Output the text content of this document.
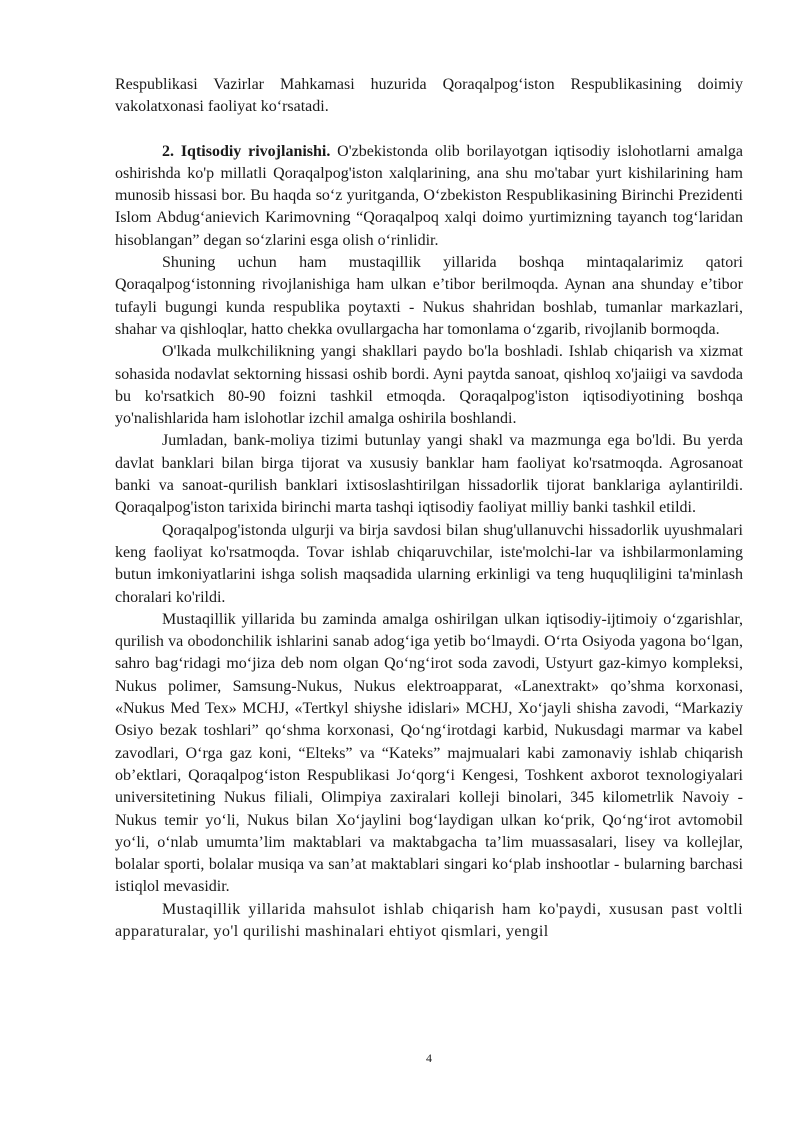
Respublikasi Vazirlar Mahkamasi huzurida Qoraqalpog‘iston Respublikasining doimiy vakolatxonasi faoliyat ko‘rsatadi.

2. Iqtisodiy rivojlanishi. O'zbekistonda olib borilayotgan iqtisodiy islohotlarni amalga oshirishda ko'p millatli Qoraqalpog'iston xalqlarining, ana shu mo'tabar yurt kishilarining ham munosib hissasi bor. Bu haqda so‘z yuritganda, O‘zbekiston Respublikasining Birinchi Prezidenti Islom Abdug‘anievich Karimovning “Qoraqalpoq xalqi doimo yurtimizning tayanch tog‘laridan hisoblangan” degan so‘zlarini esga olish o‘rinlidir.

Shuning uchun ham mustaqillik yillarida boshqa mintaqalarimiz qatori Qoraqalpog‘istonning rivojlanishiga ham ulkan e’tibor berilmoqda. Aynan ana shunday e’tibor tufayli bugungi kunda respublika poytaxti - Nukus shahridan boshlab, tumanlar markazlari, shahar va qishloqlar, hatto chekka ovullargacha har tomonlama o‘zgarib, rivojlanib bormoqda.

O'lkada mulkchilikning yangi shakllari paydo bo'la boshladi. Ishlab chiqarish va xizmat sohasida nodavlat sektorning hissasi oshib bordi. Ayni paytda sanoat, qishloq xo'jaiigi va savdoda bu ko'rsatkich 80-90 foizni tashkil etmoqda. Qoraqalpog'iston iqtisodiyotining boshqa yo'nalishlarida ham islohotlar izchil amalga oshirila boshlandi.

Jumladan, bank-moliya tizimi butunlay yangi shakl va mazmunga ega bo'ldi. Bu yerda davlat banklari bilan birga tijorat va xususiy banklar ham faoliyat ko'rsatmoqda. Agrosanoat banki va sanoat-qurilish banklari ixtisoslashtirilgan hissadorlik tijorat banklariga aylantirildi. Qoraqalpog'iston tarixida birinchi marta tashqi iqtisodiy faoliyat milliy banki tashkil etildi.

Qoraqalpog'istonda ulgurji va birja savdosi bilan shug'ullanuvchi hissadorlik uyushmalari keng faoliyat ko'rsatmoqda. Tovar ishlab chiqaruvchilar, iste'molchi-lar va ishbilarmonlaming butun imkoniyatlarini ishga solish maqsadida ularning erkinligi va teng huquqliligini ta'minlash choralari ko'rildi.

Mustaqillik yillarida bu zaminda amalga oshirilgan ulkan iqtisodiy-ijtimoiy o‘zgarishlar, qurilish va obodonchilik ishlarini sanab adog‘iga yetib bo‘lmaydi. O‘rta Osiyoda yagona bo‘lgan, sahro bag‘ridagi mo‘jiza deb nom olgan Qo‘ng‘irot soda zavodi, Ustyurt gaz-kimyo kompleksi, Nukus polimer, Samsung-Nukus, Nukus elektroapparat, «Lanextrakt» qo’shma korxonasi, «Nukus Med Tex» MCHJ, «Tertkyl shiyshe idislari» MCHJ, Xo‘jayli shisha zavodi, “Markaziy Osiyo bezak toshlari” qo‘shma korxonasi, Qo‘ng‘irotdagi karbid, Nukusdagi marmar va kabel zavodlari, O‘rga gaz koni, “Elteks” va “Kateks” majmualari kabi zamonaviy ishlab chiqarish ob’ektlari, Qoraqalpog‘iston Respublikasi Jo‘qorg‘i Kengesi, Toshkent axborot texnologiyalari universitetining Nukus filiali, Olimpiya zaxiralari kolleji binolari, 345 kilometrlik Navoiy - Nukus temir yo‘li, Nukus bilan Xo‘jaylini bog‘laydigan ulkan ko‘prik, Qo‘ng‘irot avtomobil yo‘li, o‘nlab umumta’lim maktablari va maktabgacha ta’lim muassasalari, lisey va kollejlar, bolalar sporti, bolalar musiqa va san’at maktablari singari ko‘plab inshootlar - bularning barchasi istiqlol mevasidir.

Mustaqillik yillarida mahsulot ishlab chiqarish ham ko'paydi, xususan past voltli apparaturalar, yo'l qurilishi mashinalari ehtiyot qismlari, yengil

4
